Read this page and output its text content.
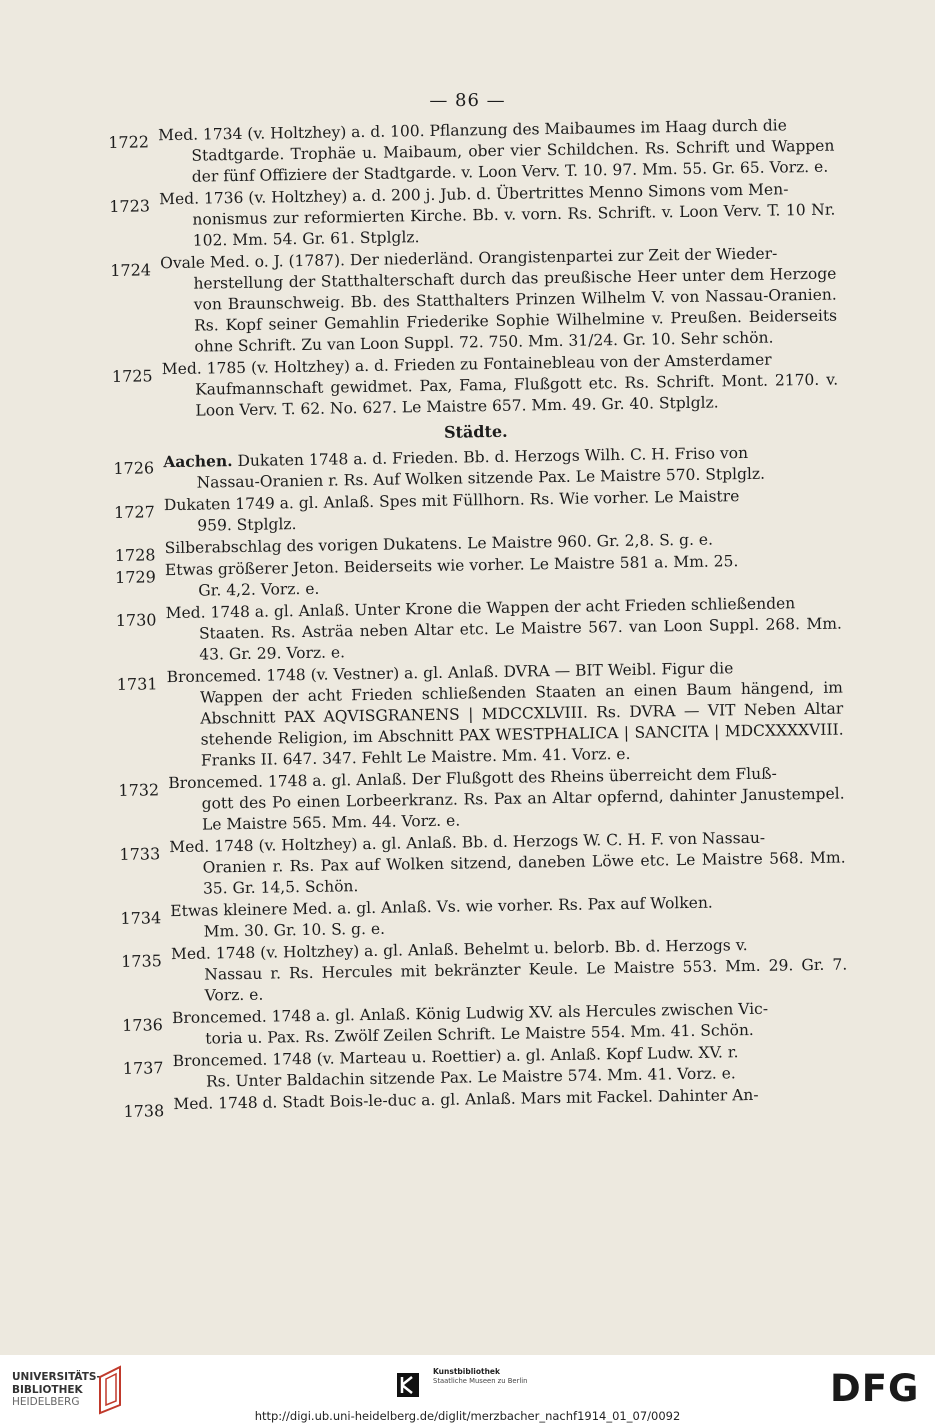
— 86 —
1722 Med. 1734 (v. Holtzhey) a. d. 100. Pflanzung des Maibaumes im Haag durch die
Stadtgarde. Trophäe u. Maibaum, ober vier Schildchen. Rs. Schrift und Wappen der fünf Offiziere der Stadtgarde. v. Loon Verv. T. 10. 97. Mm. 55. Gr. 65. Vorz. e.
1723 Med. 1736 (v. Holtzhey) a. d. 200 j. Jub. d. Übertrittes Menno Simons vom Men-
nonismus zur reformierten Kirche. Bb. v. vorn. Rs. Schrift. v. Loon Verv. T. 10 Nr. 102. Mm. 54. Gr. 61. Stplglz.
1724 Ovale Med. o. J. (1787). Der niederländ. Orangistenpartei zur Zeit der Wieder-
herstellung der Statthalterschaft durch das preußische Heer unter dem Herzoge von Braunschweig. Bb. des Statthalters Prinzen Wilhelm V. von Nassau-Oranien. Rs. Kopf seiner Gemahlin Friederike Sophie Wilhelmine v. Preußen. Beiderseits ohne Schrift. Zu van Loon Suppl. 72. 750. Mm. 31/24. Gr. 10. Sehr schön.
1725 Med. 1785 (v. Holtzhey) a. d. Frieden zu Fontainebleau von der Amsterdamer
Kaufmannschaft gewidmet. Pax, Fama, Flußgott etc. Rs. Schrift. Mont. 2170. v. Loon Verv. T. 62. No. 627. Le Maistre 657. Mm. 49. Gr. 40. Stplglz.
Städte.
1726 Aachen. Dukaten 1748 a. d. Frieden. Bb. d. Herzogs Wilh. C. H. Friso von
Nassau-Oranien r. Rs. Auf Wolken sitzende Pax. Le Maistre 570. Stplglz.
1727 Dukaten 1749 a. gl. Anlaß. Spes mit Füllhorn. Rs. Wie vorher. Le Maistre
959. Stplglz.
1728 Silberabschlag des vorigen Dukatens. Le Maistre 960. Gr. 2,8. S. g. e.
1729 Etwas größerer Jeton. Beiderseits wie vorher. Le Maistre 581 a. Mm. 25.
Gr. 4,2. Vorz. e.
1730 Med. 1748 a. gl. Anlaß. Unter Krone die Wappen der acht Frieden schließenden
Staaten. Rs. Asträa neben Altar etc. Le Maistre 567. van Loon Suppl. 268. Mm. 43. Gr. 29. Vorz. e.
1731 Broncemed. 1748 (v. Vestner) a. gl. Anlaß. DVRA — BIT Weibl. Figur die
Wappen der acht Frieden schließenden Staaten an einen Baum hängend, im Abschnitt PAX AQVISGRANENS | MDCCXLVIII. Rs. DVRA — VIT Neben Altar stehende Religion, im Abschnitt PAX WESTPHALICA | SANCITA | MDCXXXXVIII. Franks II. 647. 347. Fehlt Le Maistre. Mm. 41. Vorz. e.
1732 Broncemed. 1748 a. gl. Anlaß. Der Flußgott des Rheins überreicht dem Fluß-
gott des Po einen Lorbeerkranz. Rs. Pax an Altar opfernd, dahinter Janustempel. Le Maistre 565. Mm. 44. Vorz. e.
1733 Med. 1748 (v. Holtzhey) a. gl. Anlaß. Bb. d. Herzogs W. C. H. F. von Nassau-
Oranien r. Rs. Pax auf Wolken sitzend, daneben Löwe etc. Le Maistre 568. Mm. 35. Gr. 14,5. Schön.
1734 Etwas kleinere Med. a. gl. Anlaß. Vs. wie vorher. Rs. Pax auf Wolken.
Mm. 30. Gr. 10. S. g. e.
1735 Med. 1748 (v. Holtzhey) a. gl. Anlaß. Behelmt u. belorb. Bb. d. Herzogs v.
Nassau r. Rs. Hercules mit bekränzter Keule. Le Maistre 553. Mm. 29. Gr. 7. Vorz. e.
1736 Broncemed. 1748 a. gl. Anlaß. König Ludwig XV. als Hercules zwischen Vic-
toria u. Pax. Rs. Zwölf Zeilen Schrift. Le Maistre 554. Mm. 41. Schön.
1737 Broncemed. 1748 (v. Marteau u. Roettier) a. gl. Anlaß. Kopf Ludw. XV. r.
Rs. Unter Baldachin sitzende Pax. Le Maistre 574. Mm. 41. Vorz. e.
1738 Med. 1748 d. Stadt Bois-le-duc a. gl. Anlaß. Mars mit Fackel. Dahinter An-
UNIVERSITÄTS-
BIBLIOTHEK
HEIDELBERG
Kunstbibliothek
Staatliche Museen zu Berlin	DFG
http://digi.ub.uni-heidelberg.de/diglit/merzbacher_nachf1914_01_07/0092
